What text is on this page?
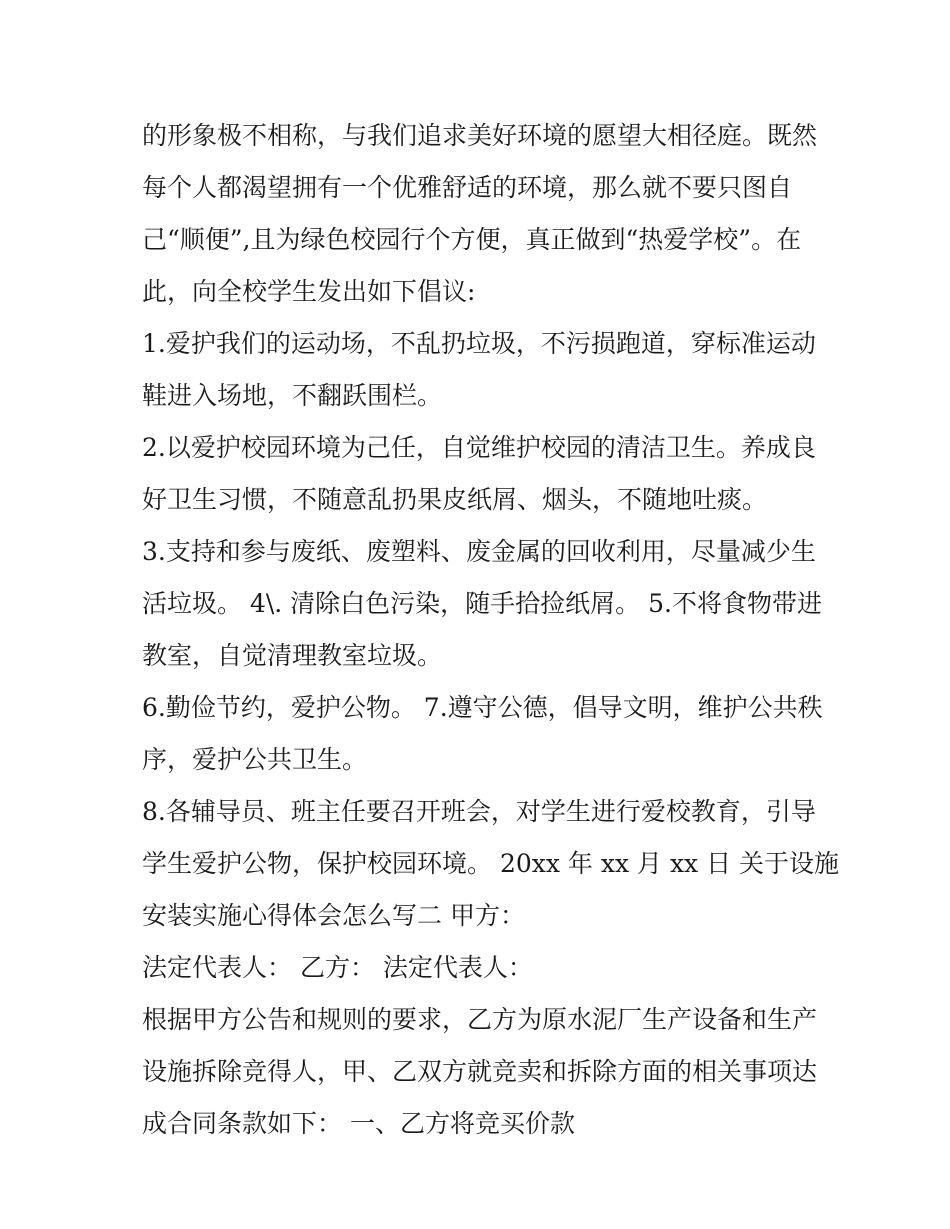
的形象极不相称，与我们追求美好环境的愿望大相径庭。既然
每个人都渴望拥有一个优雅舒适的环境，那么就不要只图自
己“顺便”,且为绿色校园行个方便，真正做到“热爱学校”。在
此，向全校学生发出如下倡议:
1.爱护我们的运动场，不乱扔垃圾，不污损跑道，穿标准运动
鞋进入场地，不翻跃围栏。
2.以爱护校园环境为己任，自觉维护校园的清洁卫生。养成良
好卫生习惯，不随意乱扔果皮纸屑、烟头，不随地吐痰。
3.支持和参与废纸、废塑料、废金属的回收利用，尽量减少生
活垃圾。 4\. 清除白色污染，随手拾捡纸屑。 5.不将食物带进
教室，自觉清理教室垃圾。
6.勤俭节约，爱护公物。 7.遵守公德，倡导文明，维护公共秩
序，爱护公共卫生。
8.各辅导员、班主任要召开班会，对学生进行爱校教育，引导
学生爱护公物，保护校园环境。 20xx 年 xx 月 xx 日 关于设施
安装实施心得体会怎么写二 甲方：
法定代表人： 乙方： 法定代表人：
根据甲方公告和规则的要求，乙方为原水泥厂生产设备和生产
设施拆除竞得人，甲、乙双方就竞卖和拆除方面的相关事项达
成合同条款如下： 一、乙方将竞买价款
